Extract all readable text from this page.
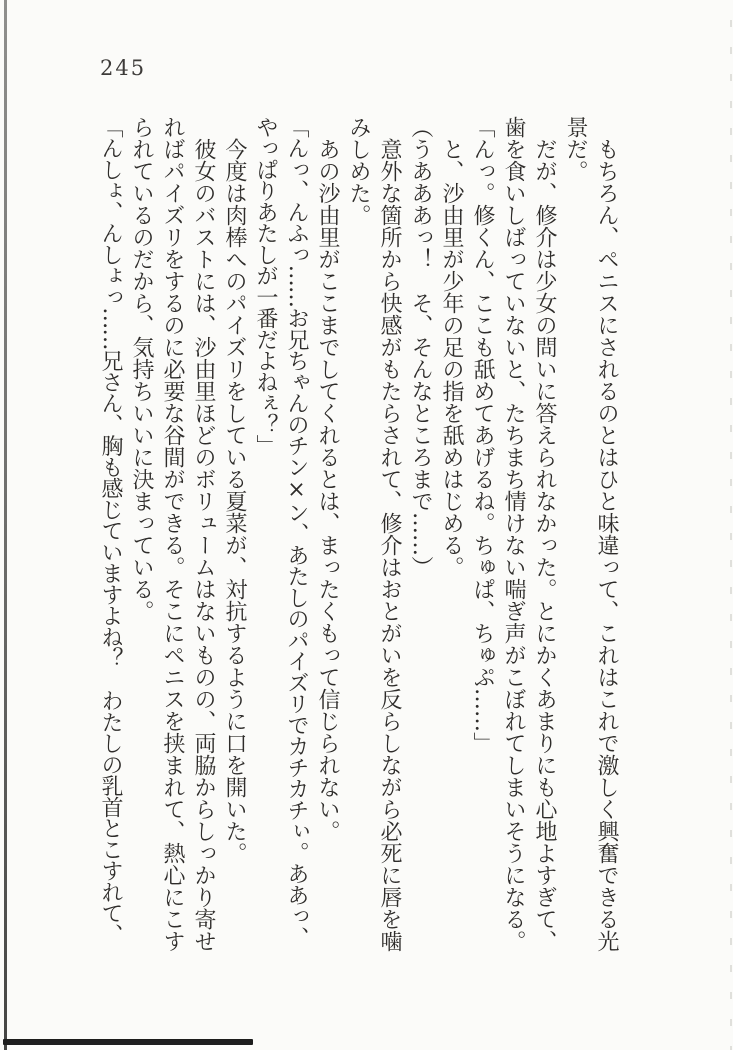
245

もちろん、ペニスにされるのとはひと味違って、これはこれで激しく興奮できる光景だ。

だが、修介は少女の問いに答えられなかった。とにかくあまりにも心地よすぎて、歯を食いしばっていないと、たちまち情けない喘ぎ声がこぼれてしまいそうになる。

「んっ。修くん、ここも舐めてあげるね。ちゅぱ、ちゅぷ……」

と、沙由里が少年の足の指を舐めはじめる。

（うあああっ！　そ、そんなところまで……）

意外な箇所から快感がもたらされて、修介はおとがいを反らしながら必死に唇を噛みしめた。

あの沙由里がここまでしてくれるとは、まったくもって信じられない。

「んっ、んふっ……お兄ちゃんのチン×ン、あたしのパイズリでカチカチぃ。ああっ、やっぱりあたしが一番だよねぇ？」

今度は肉棒へのパイズリをしている夏菜が、対抗するように口を開いた。

彼女のバストには、沙由里ほどのボリュームはないものの、両脇からしっかり寄せればパイズリをするのに必要な谷間ができる。そこにペニスを挟まれて、熱心にこすられているのだから、気持ちいいに決まっている。

「んしょ、んしょっ……兄さん、胸も感じていますよね？　わたしの乳首とこすれて、
